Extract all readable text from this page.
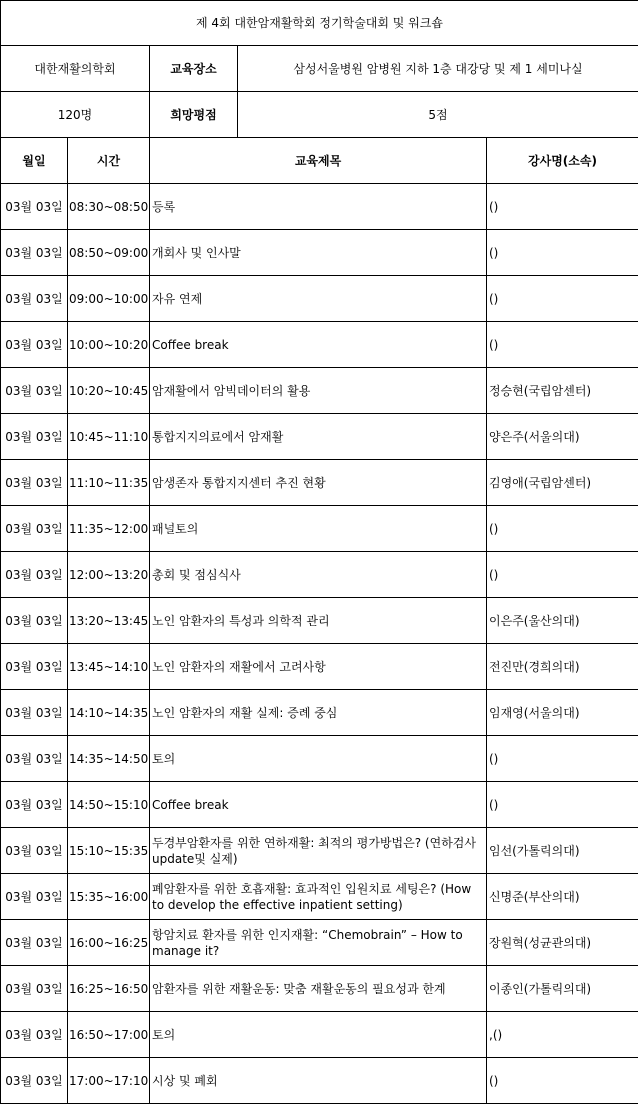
제 4회 대한암재활학회 정기학술대회 및 워크숍				
대한재활의학회		교육장소	삼성서울병원 암병원 지하 1층 대강당 및 제 1 세미나실	
120명		희망평점	5점	
월일	시간	교육제목		강사명(소속)
03월 03일	08:30~08:50	등록		()
03월 03일	08:50~09:00	개회사 및 인사말		()
03월 03일	09:00~10:00	자유 연제		()
03월 03일	10:00~10:20	Coffee break		()
03월 03일	10:20~10:45	암재활에서 암빅데이터의 활용		정승현(국립암센터)
03월 03일	10:45~11:10	통합지지의료에서 암재활		양은주(서울의대)
03월 03일	11:10~11:35	암생존자 통합지지센터 추진 현황		김영애(국립암센터)
03월 03일	11:35~12:00	패널토의		()
03월 03일	12:00~13:20	총회 및 점심식사		()
03월 03일	13:20~13:45	노인 암환자의 특성과 의학적 관리		이은주(울산의대)
03월 03일	13:45~14:10	노인 암환자의 재활에서 고려사항		전진만(경희의대)
03월 03일	14:10~14:35	노인 암환자의 재활 실제: 증례 중심		임재영(서울의대)
03월 03일	14:35~14:50	토의		()
03월 03일	14:50~15:10	Coffee break		()
03월 03일	15:10~15:35	두경부암환자를 위한 연하재활: 최적의 평가방법은? (연하검사update및 실제)		임선(가톨릭의대)
03월 03일	15:35~16:00	폐암환자를 위한 호흡재활: 효과적인 입원치료 세팅은? (How to develop the effective inpatient setting)		신명준(부산의대)
03월 03일	16:00~16:25	항암치료 환자를 위한 인지재활: “Chemobrain” – How to manage it?		장원혁(성균관의대)
03월 03일	16:25~16:50	암환자를 위한 재활운동: 맞춤 재활운동의 필요성과 한계		이종인(가톨릭의대)
03월 03일	16:50~17:00	토의		,()
03월 03일	17:00~17:10	시상 및 폐회		()
